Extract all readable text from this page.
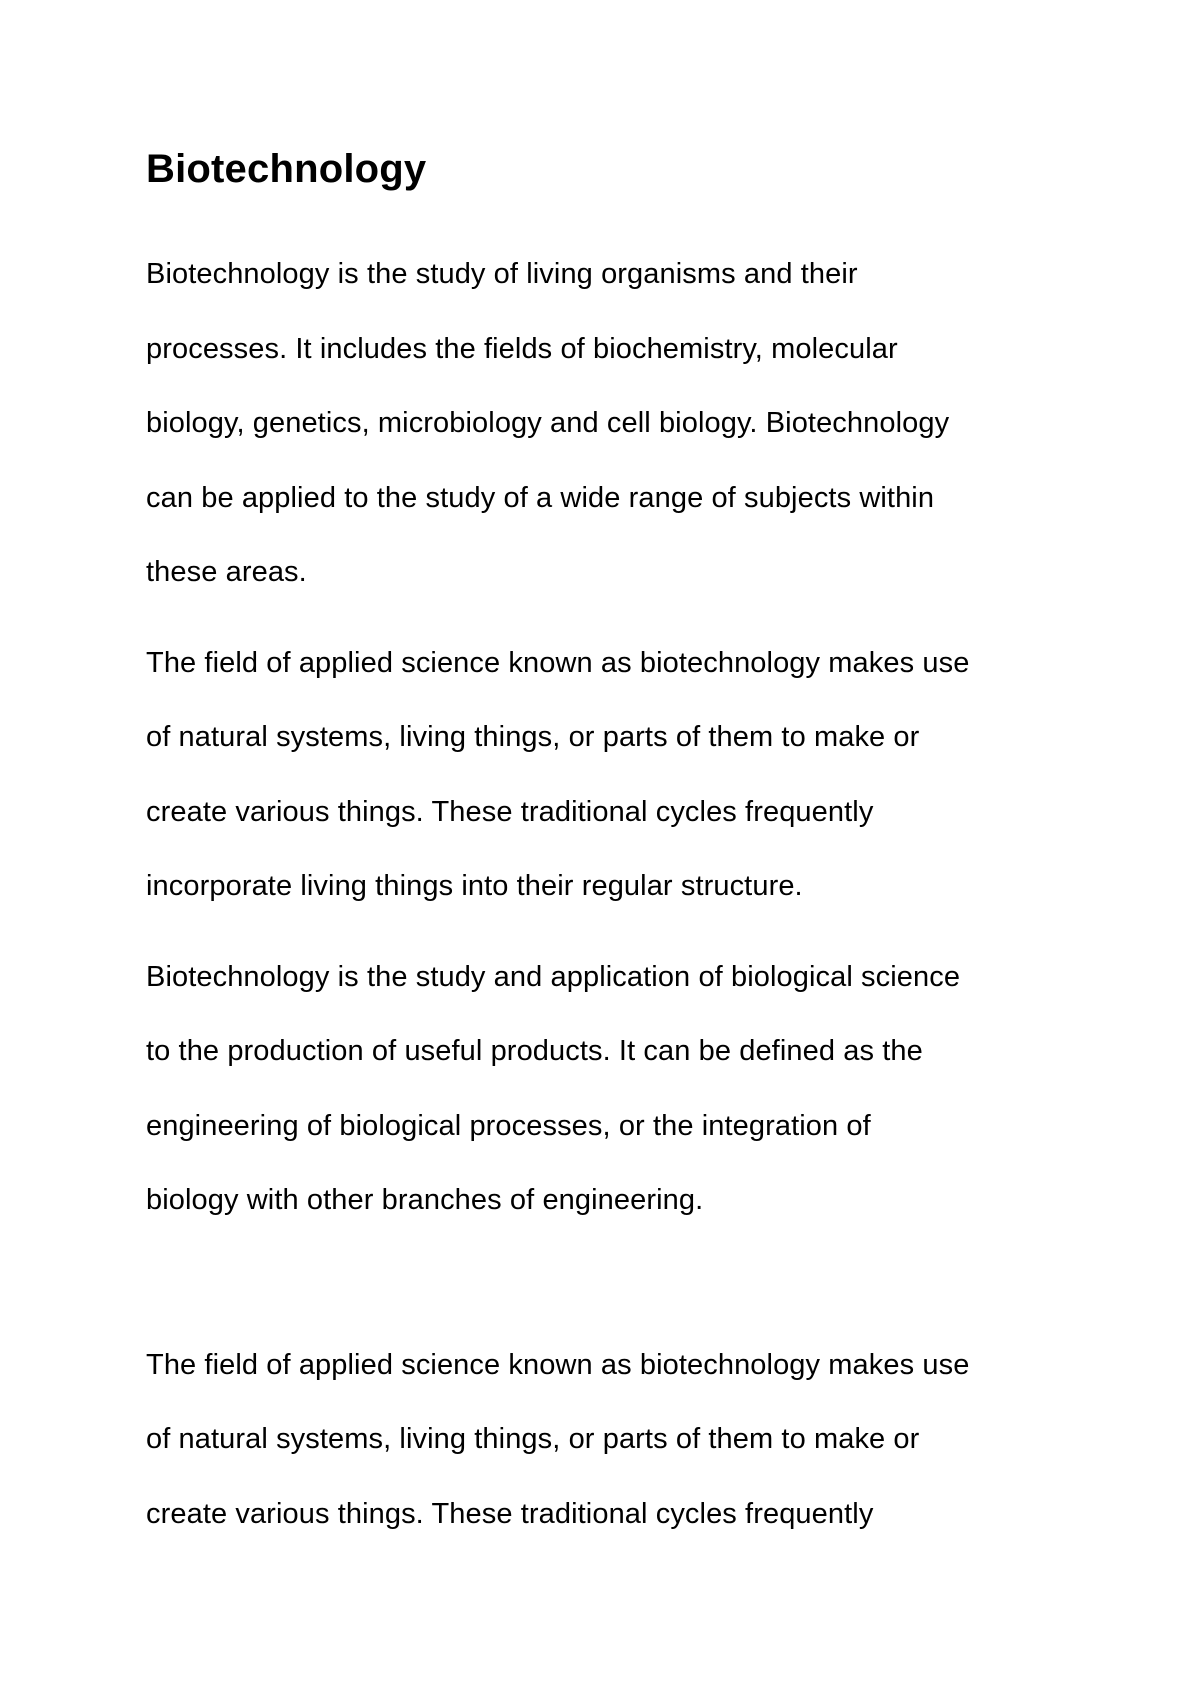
Biotechnology

Biotechnology is the study of living organisms and their
processes. It includes the fields of biochemistry, molecular
biology, genetics, microbiology and cell biology. Biotechnology
can be applied to the study of a wide range of subjects within
these areas.

The field of applied science known as biotechnology makes use
of natural systems, living things, or parts of them to make or
create various things. These traditional cycles frequently
incorporate living things into their regular structure.

Biotechnology is the study and application of biological science
to the production of useful products. It can be defined as the
engineering of biological processes, or the integration of
biology with other branches of engineering.

The field of applied science known as biotechnology makes use
of natural systems, living things, or parts of them to make or
create various things. These traditional cycles frequently
